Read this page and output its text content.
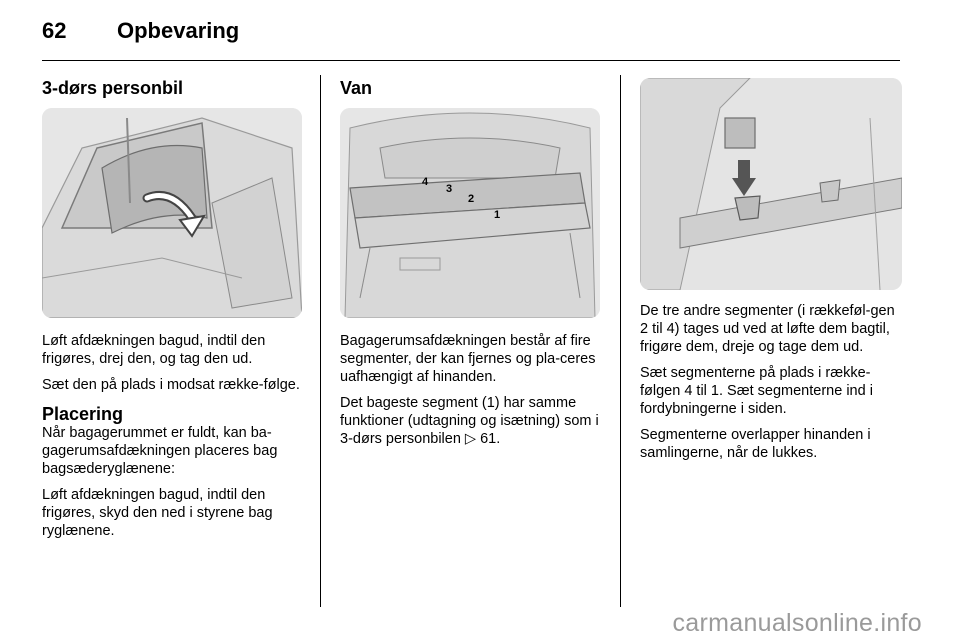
62 Opbevaring
3-dørs personbil

Løft afdækningen bagud, indtil den frigøres, drej den, og tag den ud.

Sæt den på plads i modsat række-følge.

Placering

Når bagagerummet er fuldt, kan ba-gagerumsafdækningen placeres bag bagsæderyglænene:

Løft afdækningen bagud, indtil den frigøres, skyd den ned i styrene bag ryglænene.

Van
4
3
2
1

Bagagerumsafdækningen består af fire segmenter, der kan fjernes og pla-ceres uafhængigt af hinanden.

Det bageste segment (1) har samme funktioner (udtagning og isætning) som i 3-dørs personbilen ▷ 61.

De tre andre segmenter (i rækkeføl-gen 2 til 4) tages ud ved at løfte dem bagtil, frigøre dem, dreje og tage dem ud.

Sæt segmenterne på plads i række-følgen 4 til 1. Sæt segmenterne ind i fordybningerne i siden.

Segmenterne overlapper hinanden i samlingerne, når de lukkes.

carmanualsonline.info
